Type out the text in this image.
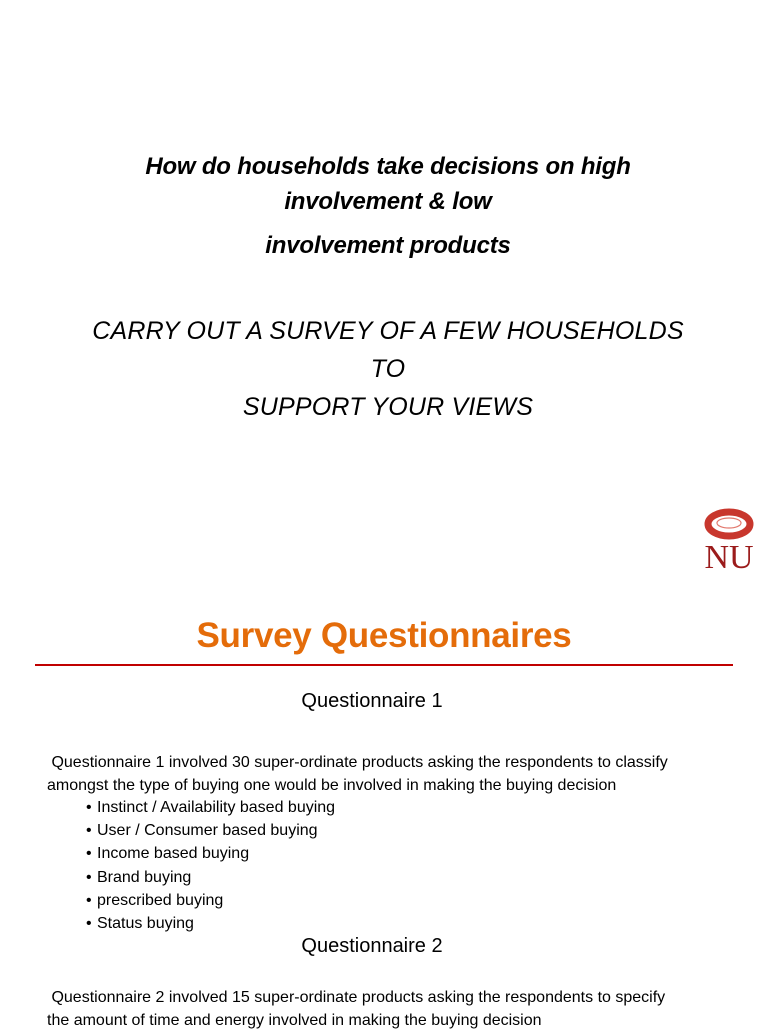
How do households take decisions on high
involvement & low
involvement products
CARRY OUT A SURVEY OF A FEW HOUSEHOLDS
TO
SUPPORT YOUR VIEWS
NU
Survey Questionnaires
Questionnaire 1
Questionnaire 1 involved 30 super-ordinate products asking the respondents to classify
amongst the type of buying one would be involved in making the buying decision
• Instinct / Availability based buying
• User / Consumer based buying
• Income based buying
• Brand buying
• prescribed buying
• Status buying
Questionnaire 2
Questionnaire 2 involved 15 super-ordinate products asking the respondents to specify
the amount of time and energy involved in making the buying decision
